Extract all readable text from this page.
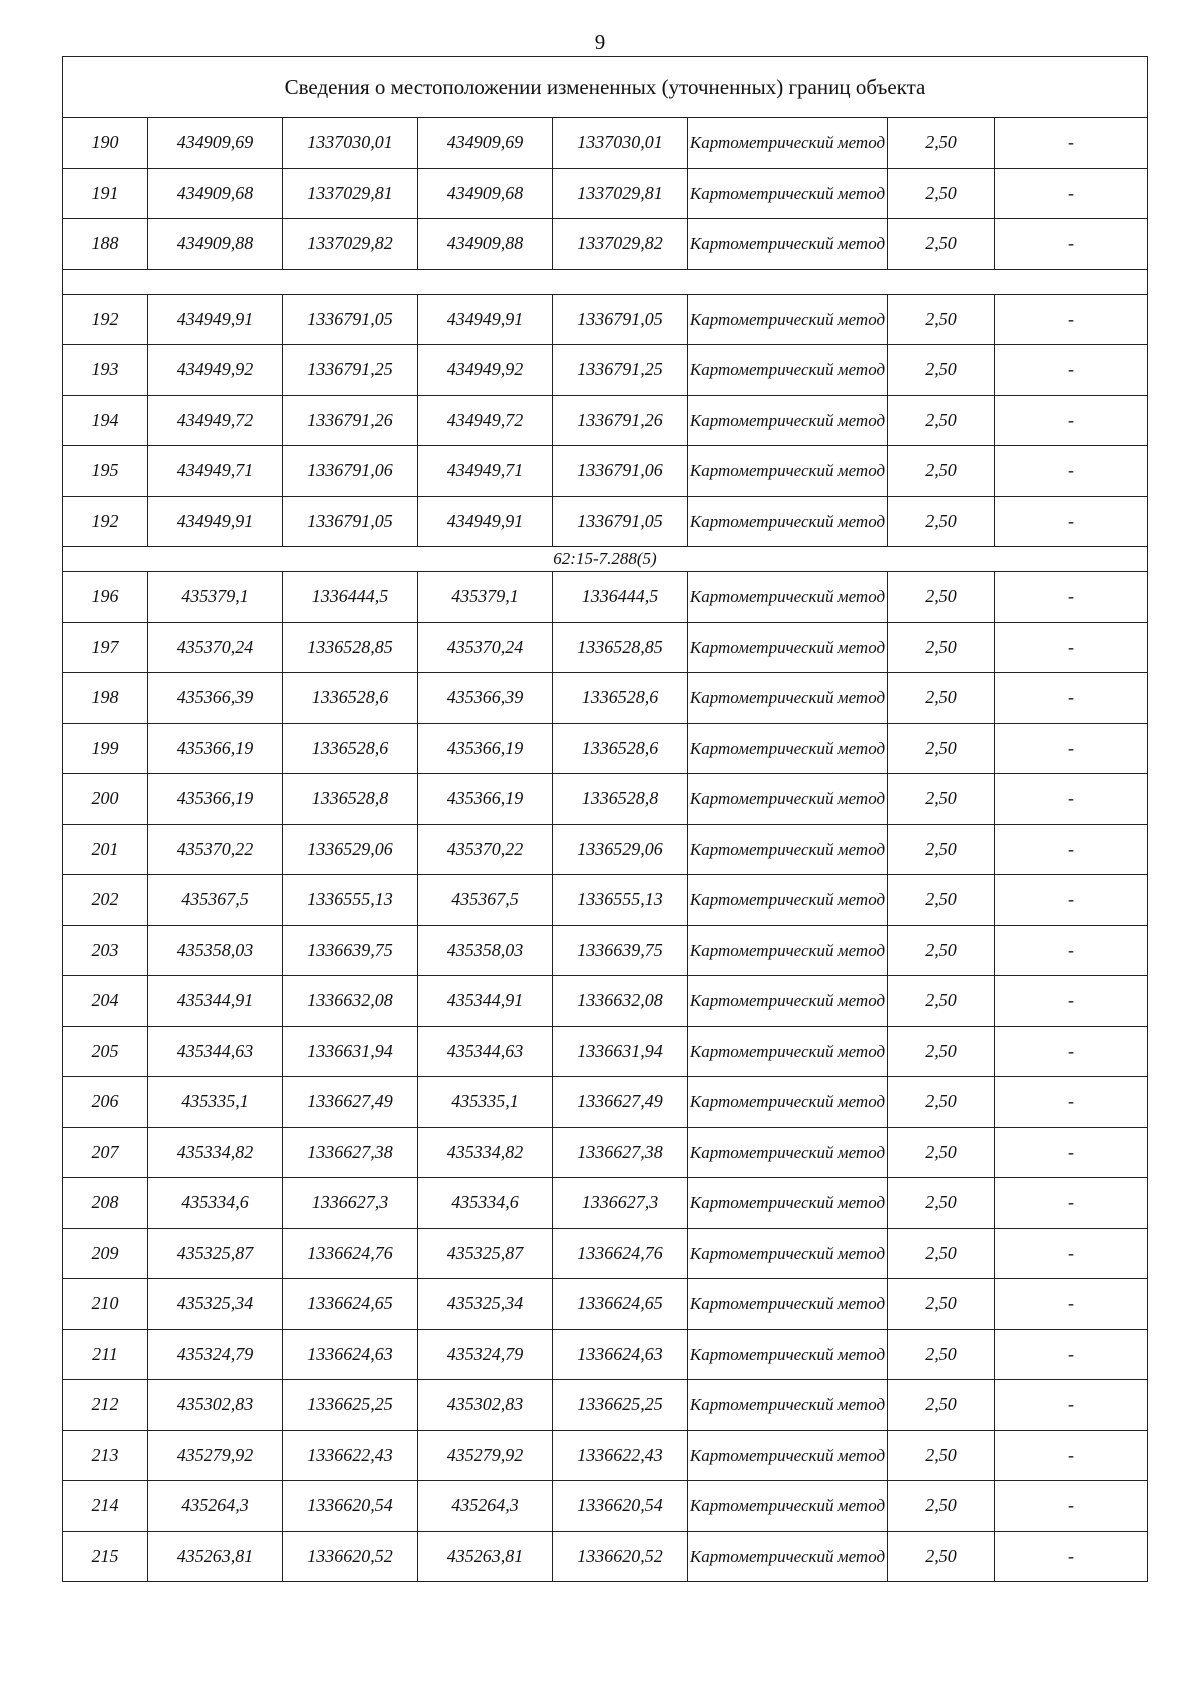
9
Сведения о местоположении измененных (уточненных) границ объекта							
190	434909,69	1337030,01	434909,69	1337030,01	Картометрический метод	2,50	-
191	434909,68	1337029,81	434909,68	1337029,81	Картометрический метод	2,50	-
188	434909,88	1337029,82	434909,88	1337029,82	Картометрический метод	2,50	-

192	434949,91	1336791,05	434949,91	1336791,05	Картометрический метод	2,50	-
193	434949,92	1336791,25	434949,92	1336791,25	Картометрический метод	2,50	-
194	434949,72	1336791,26	434949,72	1336791,26	Картометрический метод	2,50	-
195	434949,71	1336791,06	434949,71	1336791,06	Картометрический метод	2,50	-
192	434949,91	1336791,05	434949,91	1336791,05	Картометрический метод	2,50	-
62:15-7.288(5)							
196	435379,1	1336444,5	435379,1	1336444,5	Картометрический метод	2,50	-
197	435370,24	1336528,85	435370,24	1336528,85	Картометрический метод	2,50	-
198	435366,39	1336528,6	435366,39	1336528,6	Картометрический метод	2,50	-
199	435366,19	1336528,6	435366,19	1336528,6	Картометрический метод	2,50	-
200	435366,19	1336528,8	435366,19	1336528,8	Картометрический метод	2,50	-
201	435370,22	1336529,06	435370,22	1336529,06	Картометрический метод	2,50	-
202	435367,5	1336555,13	435367,5	1336555,13	Картометрический метод	2,50	-
203	435358,03	1336639,75	435358,03	1336639,75	Картометрический метод	2,50	-
204	435344,91	1336632,08	435344,91	1336632,08	Картометрический метод	2,50	-
205	435344,63	1336631,94	435344,63	1336631,94	Картометрический метод	2,50	-
206	435335,1	1336627,49	435335,1	1336627,49	Картометрический метод	2,50	-
207	435334,82	1336627,38	435334,82	1336627,38	Картометрический метод	2,50	-
208	435334,6	1336627,3	435334,6	1336627,3	Картометрический метод	2,50	-
209	435325,87	1336624,76	435325,87	1336624,76	Картометрический метод	2,50	-
210	435325,34	1336624,65	435325,34	1336624,65	Картометрический метод	2,50	-
211	435324,79	1336624,63	435324,79	1336624,63	Картометрический метод	2,50	-
212	435302,83	1336625,25	435302,83	1336625,25	Картометрический метод	2,50	-
213	435279,92	1336622,43	435279,92	1336622,43	Картометрический метод	2,50	-
214	435264,3	1336620,54	435264,3	1336620,54	Картометрический метод	2,50	-
215	435263,81	1336620,52	435263,81	1336620,52	Картометрический метод	2,50	-
